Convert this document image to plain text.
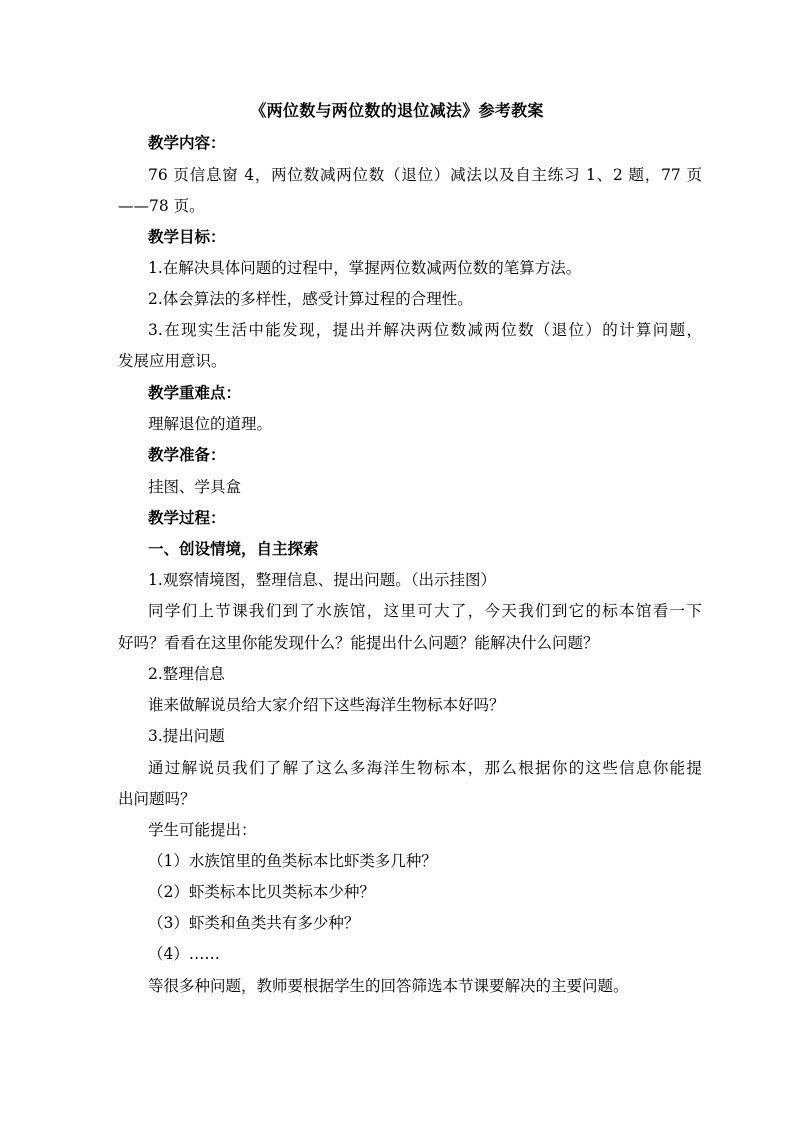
《两位数与两位数的退位减法》参考教案
教学内容：
76 页信息窗 4，两位数减两位数（退位）减法以及自主练习 1、2 题，77 页
——78 页。
教学目标：
1.在解决具体问题的过程中，掌握两位数减两位数的笔算方法。
2.体会算法的多样性，感受计算过程的合理性。
3.在现实生活中能发现，提出并解决两位数减两位数（退位）的计算问题，
发展应用意识。
教学重难点：
理解退位的道理。
教学准备：
挂图、学具盒
教学过程：
一、创设情境，自主探索
1.观察情境图，整理信息、提出问题。（出示挂图）
同学们上节课我们到了水族馆，这里可大了，今天我们到它的标本馆看一下
好吗？看看在这里你能发现什么？能提出什么问题？能解决什么问题？
2.整理信息
谁来做解说员给大家介绍下这些海洋生物标本好吗？
3.提出问题
通过解说员我们了解了这么多海洋生物标本，那么根据你的这些信息你能提
出问题吗？
学生可能提出：
（1）水族馆里的鱼类标本比虾类多几种？
（2）虾类标本比贝类标本少种？
（3）虾类和鱼类共有多少种？
（4）……
等很多种问题，教师要根据学生的回答筛选本节课要解决的主要问题。
